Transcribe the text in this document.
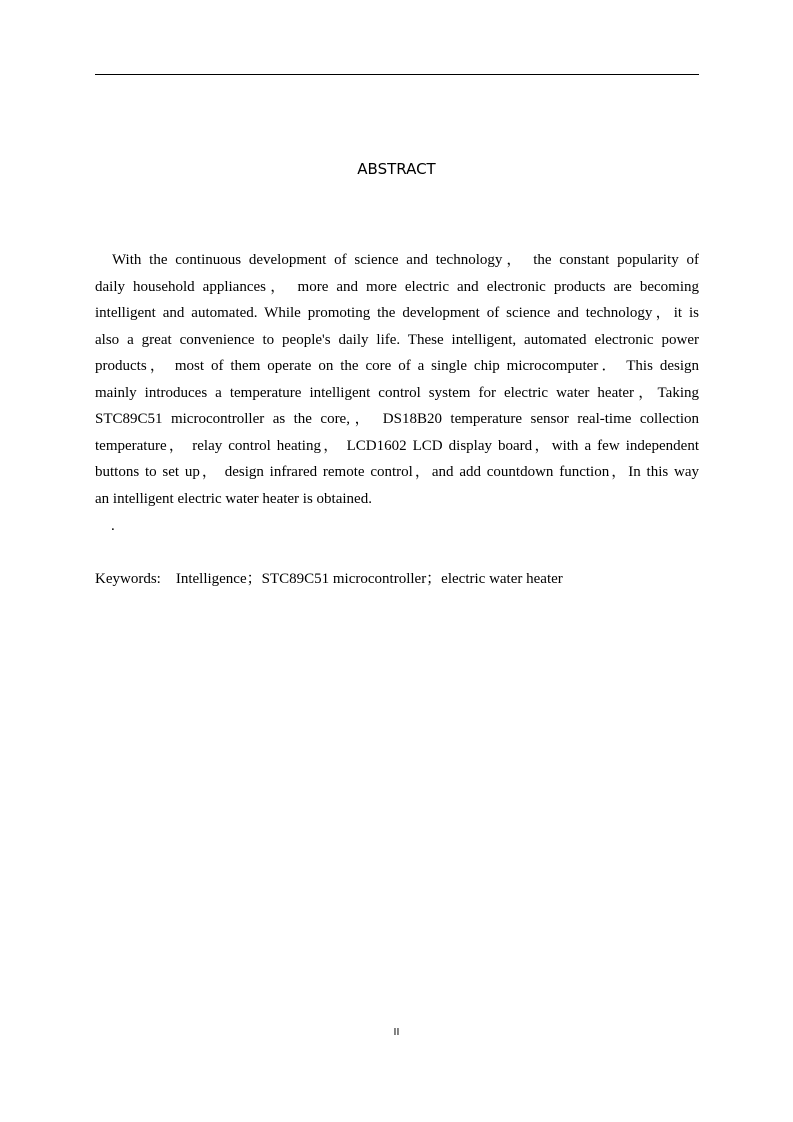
ABSTRACT
With the continuous development of science and technology， the constant popularity of
daily household appliances， more and more electric and electronic products are becoming
intelligent and automated. While promoting the development of science and technology，it is
also a great convenience to people's daily life. These intelligent, automated electronic power
products， most of them operate on the core of a single chip microcomputer． This design
mainly introduces a temperature intelligent control system for electric water heater，Taking
STC89C51 microcontroller as the core,， DS18B20 temperature sensor real-time collection
temperature， relay control heating， LCD1602 LCD display board，with a few independent
buttons to set up， design infrared remote control，and add countdown function，In this way
an intelligent electric water heater is obtained.
.
Keywords: Intelligence；STC89C51 microcontroller；electric water heater
II
